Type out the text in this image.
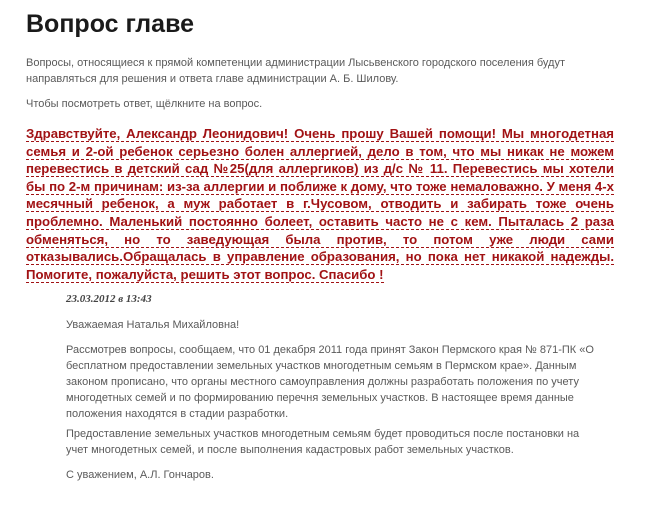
Вопрос главе

Вопросы, относящиеся к прямой компетенции администрации Лысьвенского городского поселения будут направляться для решения и ответа главе администрации А. Б. Шилову.

Чтобы посмотреть ответ, щёлкните на вопрос.

Здравствуйте, Александр Леонидович! Очень прошу Вашей помощи! Мы многодетная семья и 2-ой ребенок серьезно болен аллергией, дело в том, что мы никак не можем перевестись в детский сад №25(для аллергиков) из д/с № 11. Перевестись мы хотели бы по 2-м причинам: из-за аллергии и поближе к дому, что тоже немаловажно. У меня 4-х месячный ребенок, а муж работает в г.Чусовом, отводить и забирать тоже очень проблемно. Маленький постоянно болеет, оставить часто не с кем. Пыталась 2 раза обменяться, но то заведующая была против, то потом уже люди сами отказывались.Обращалась в управление образования, но пока нет никакой надежды. Помогите, пожалуйста, решить этот вопрос. Спасибо !
23.03.2012 в 13:43

Уважаемая Наталья Михайловна!

Рассмотрев вопросы, сообщаем, что 01 декабря 2011 года принят Закон Пермского края № 871-ПК «О бесплатном предоставлении земельных участков многодетным семьям в Пермском крае». Данным законом прописано, что органы местного самоуправления должны разработать положения по учету многодетных семей и по формированию перечня земельных участков. В настоящее время данные положения находятся в стадии разработки.

Предоставление земельных участков многодетным семьям будет проводиться после постановки на учет многодетных семей, и после выполнения кадастровых работ земельных участков.

С уважением, А.Л. Гончаров.
